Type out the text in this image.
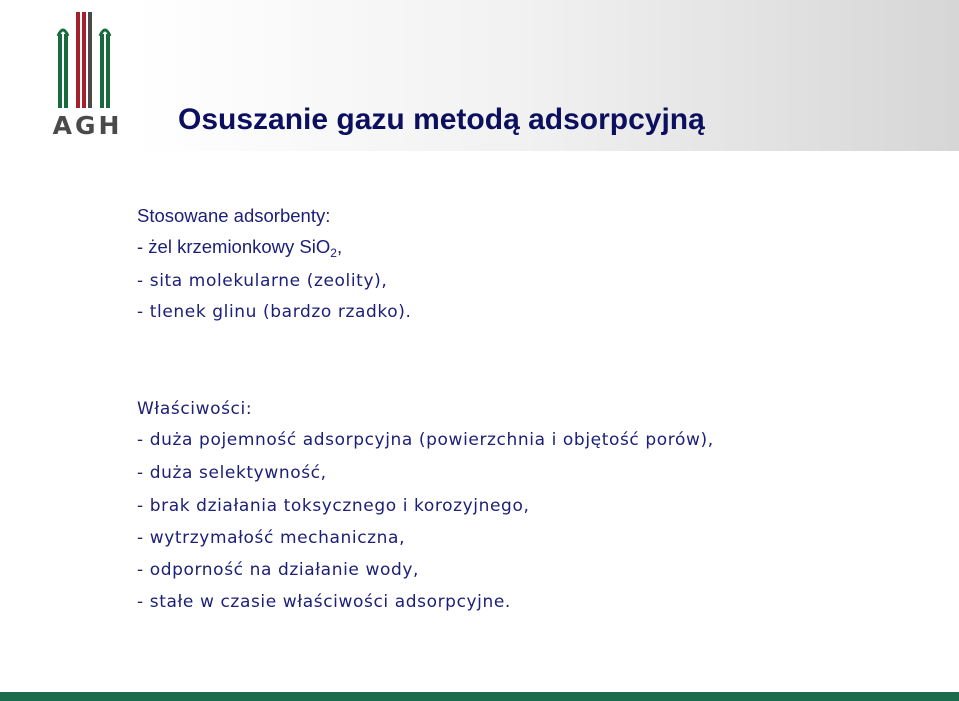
AGH Osuszanie gazu metodą adsorpcyjną
Stosowane adsorbenty:
- żel krzemionkowy SiO$_2$,
- sita molekularne (zeolity),
- tlenek glinu (bardzo rzadko).
Właściwości:
- duża pojemność adsorpcyjna (powierzchnia i objętość porów),
- duża selektywność,
- brak działania toksycznego i korozyjnego,
- wytrzymałość mechaniczna,
- odporność na działanie wody,
- stałe w czasie właściwości adsorpcyjne.
